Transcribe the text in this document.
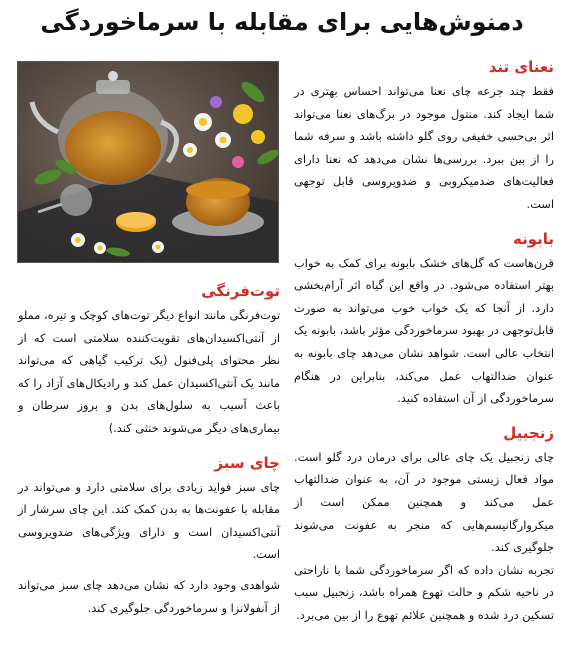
دمنوش‌هایی برای مقابله با سرماخوردگی
نعنای تند

فقط چند جرعه چای نعنا می‌تواند احساس بهتری در شما ایجاد کند. منتول موجود در برگ‌های نعنا می‌تواند اثر بی‌حسی خفیفی روی گلو داشته باشد و سرفه شما را از بین ببرد. بررسی‌ها نشان می‌دهد که نعنا دارای فعالیت‌های ضدمیکروبی و ضدویروسی قابل توجهی است.

بابونه

قرن‌هاست که گل‌های خشک بابونه برای کمک به خواب بهتر استفاده می‌شود. در واقع این گیاه اثر آرام‌بخشی دارد. از آنجا که یک خواب خوب می‌تواند به صورت قابل‌توجهی در بهبود سرماخوردگی مؤثر باشد، بابونه یک انتخاب عالی است. شواهد نشان می‌دهد چای بابونه به عنوان ضدالتهاب عمل می‌کند، بنابراین در هنگام سرماخوردگی از آن استفاده کنید.

زنجبیل

چای زنجبیل یک چای عالی برای درمان درد گلو است. مواد فعال زیستی موجود در آن، به عنوان ضدالتهاب عمل می‌کند و همچنین ممکن است از میکروارگانیسم‌هایی که منجر به عفونت می‌شوند جلوگیری کند.

تجربه نشان داده که اگر سرماخوردگی شما با ناراحتی در ناحیه شکم و حالت تهوع همراه باشد، زنجبیل سبب تسکین درد شده و همچنین علائم تهوع را از بین می‌برد.

توت‌فرنگی

توت‌فرنگی مانند انواع دیگر توت‌های کوچک و تیره، مملو از آنتی‌اکسیدان‌های تقویت‌کننده سلامتی است که از نظر محتوای پلی‌فنول (یک ترکیب گیاهی که می‌تواند مانند یک آنتی‌اکسیدان عمل کند و رادیکال‌های آزاد را که باعث آسیب به سلول‌های بدن و بروز سرطان و بیماری‌های دیگر می‌شوند خنثی کند.)

چای سبز

چای سبز فواید زیادی برای سلامتی دارد و می‌تواند در مقابله با عفونت‌ها به بدن کمک کند. این چای سرشار از آنتی‌اکسیدان است و دارای ویژگی‌های ضدویروسی است.

شواهدی وجود دارد که نشان می‌دهد چای سبز می‌تواند از آنفولانزا و سرماخوردگی جلوگیری کند.
